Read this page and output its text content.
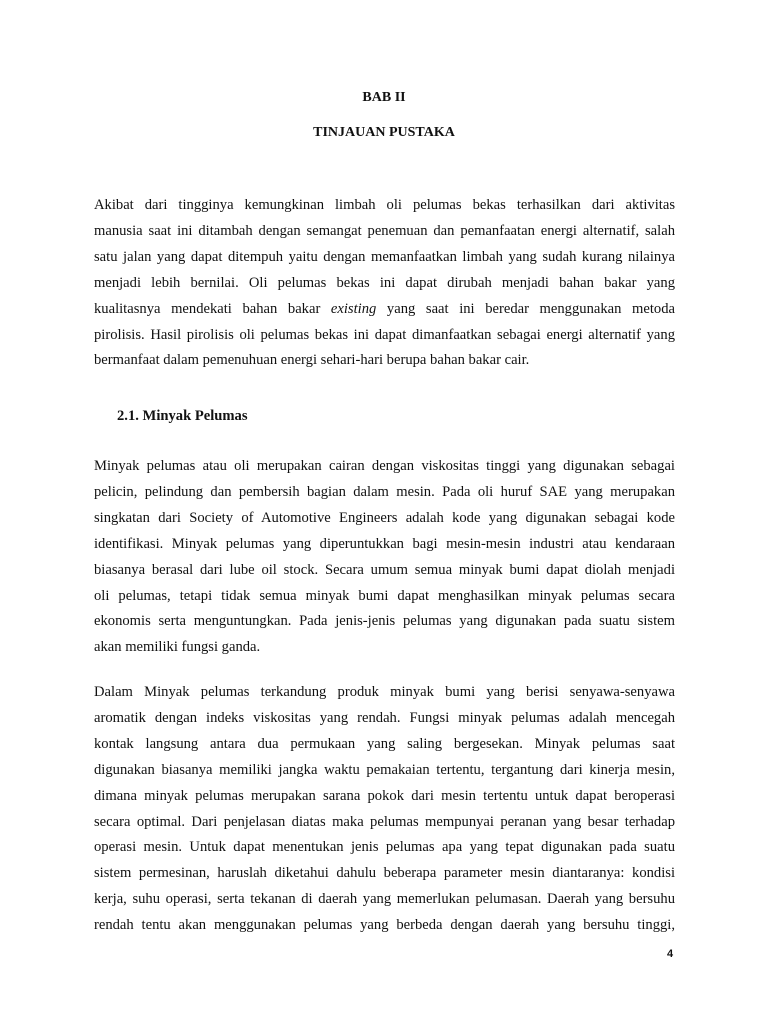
BAB II
TINJAUAN PUSTAKA

Akibat dari tingginya kemungkinan limbah oli pelumas bekas terhasilkan dari aktivitas
manusia saat ini ditambah dengan semangat penemuan dan pemanfaatan energi alternatif, salah
satu jalan yang dapat ditempuh yaitu dengan memanfaatkan limbah yang sudah kurang nilainya
menjadi lebih bernilai. Oli pelumas bekas ini dapat dirubah menjadi bahan bakar yang
kualitasnya mendekati bahan bakar existing yang saat ini beredar menggunakan metoda
pirolisis. Hasil pirolisis oli pelumas bekas ini dapat dimanfaatkan sebagai energi alternatif yang
bermanfaat dalam pemenuhuan energi sehari-hari berupa bahan bakar cair.

2.1. Minyak Pelumas

Minyak pelumas atau oli merupakan cairan dengan viskositas tinggi yang digunakan sebagai
pelicin, pelindung dan pembersih bagian dalam mesin. Pada oli huruf SAE yang merupakan
singkatan dari Society of Automotive Engineers adalah kode yang digunakan sebagai kode
identifikasi. Minyak pelumas yang diperuntukkan bagi mesin-mesin industri atau kendaraan
biasanya berasal dari lube oil stock. Secara umum semua minyak bumi dapat diolah menjadi
oli pelumas, tetapi tidak semua minyak bumi dapat menghasilkan minyak pelumas secara
ekonomis serta menguntungkan. Pada jenis-jenis pelumas yang digunakan pada suatu sistem
akan memiliki fungsi ganda.

Dalam Minyak pelumas terkandung produk minyak bumi yang berisi senyawa-senyawa
aromatik dengan indeks viskositas yang rendah. Fungsi minyak pelumas adalah mencegah
kontak langsung antara dua permukaan yang saling bergesekan. Minyak pelumas saat
digunakan biasanya memiliki jangka waktu pemakaian tertentu, tergantung dari kinerja mesin,
dimana minyak pelumas merupakan sarana pokok dari mesin tertentu untuk dapat beroperasi
secara optimal. Dari penjelasan diatas maka pelumas mempunyai peranan yang besar terhadap
operasi mesin. Untuk dapat menentukan jenis pelumas apa yang tepat digunakan pada suatu
sistem permesinan, haruslah diketahui dahulu beberapa parameter mesin diantaranya: kondisi
kerja, suhu operasi, serta tekanan di daerah yang memerlukan pelumasan. Daerah yang bersuhu
rendah tentu akan menggunakan pelumas yang berbeda dengan daerah yang bersuhu tinggi,

4
